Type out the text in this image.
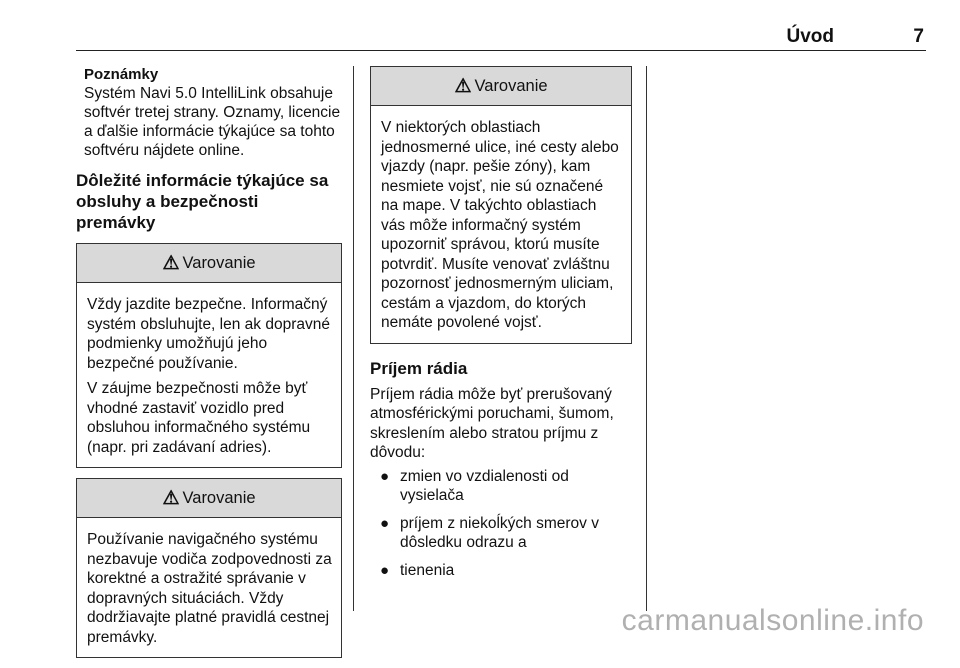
Úvod	7
Poznámky
Systém Navi 5.0 IntelliLink obsahuje softvér tretej strany. Oznamy, licencie a ďalšie informácie týkajúce sa tohto softvéru nájdete online.
Dôležité informácie týkajúce sa obsluhy a bezpečnosti premávky
⚠ Varovanie

Vždy jazdite bezpečne. Informačný systém obsluhujte, len ak dopravné podmienky umožňujú jeho bezpečné používanie.

V záujme bezpečnosti môže byť vhodné zastaviť vozidlo pred obsluhou informačného systému (napr. pri zadávaní adries).

⚠ Varovanie

Používanie navigačného systému nezbavuje vodiča zodpovednosti za korektné a ostražité správanie v dopravných situáciách. Vždy dodržiavajte platné pravidlá cestnej premávky.

⚠ Varovanie

V niektorých oblastiach jednosmerné ulice, iné cesty alebo vjazdy (napr. pešie zóny), kam nesmiete vojsť, nie sú označené na mape. V takýchto oblastiach vás môže informačný systém upozorniť správou, ktorú musíte potvrdiť. Musíte venovať zvláštnu pozornosť jednosmerným uliciam, cestám a vjazdom, do ktorých nemáte povolené vojsť.

Príjem rádia

Príjem rádia môže byť prerušovaný atmosférickými poruchami, šumom, skreslením alebo stratou príjmu z dôvodu:

● zmien vo vzdialenosti od vysielača
● príjem z niekoĺkých smerov v dôsledku odrazu a
● tienenia
carmanualsonline.info
